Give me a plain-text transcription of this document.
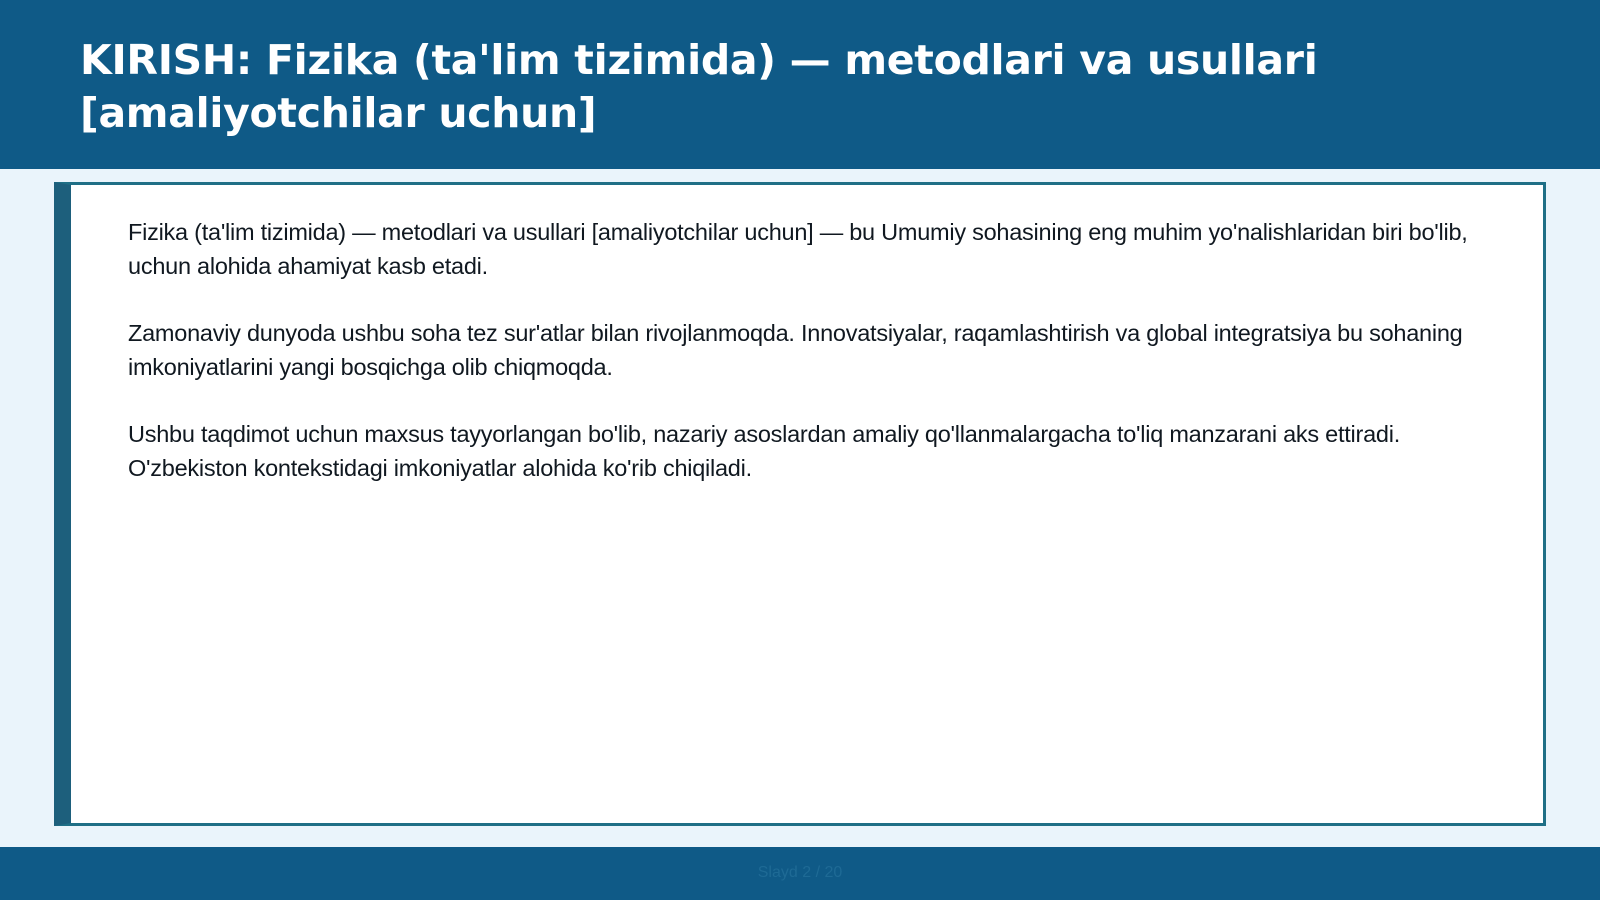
KIRISH: Fizika (ta'lim tizimida) — metodlari va usullari [amaliyotchilar uchun]

Fizika (ta'lim tizimida) — metodlari va usullari [amaliyotchilar uchun] — bu Umumiy sohasining eng muhim yo'nalishlaridan biri bo'lib, uchun alohida ahamiyat kasb etadi.

Zamonaviy dunyoda ushbu soha tez sur'atlar bilan rivojlanmoqda. Innovatsiyalar, raqamlashtirish va global integratsiya bu sohaning imkoniyatlarini yangi bosqichga olib chiqmoqda.

Ushbu taqdimot uchun maxsus tayyorlangan bo'lib, nazariy asoslardan amaliy qo'llanmalargacha to'liq manzarani aks ettiradi. O'zbekiston kontekstidagi imkoniyatlar alohida ko'rib chiqiladi.

Slayd 2 / 20
